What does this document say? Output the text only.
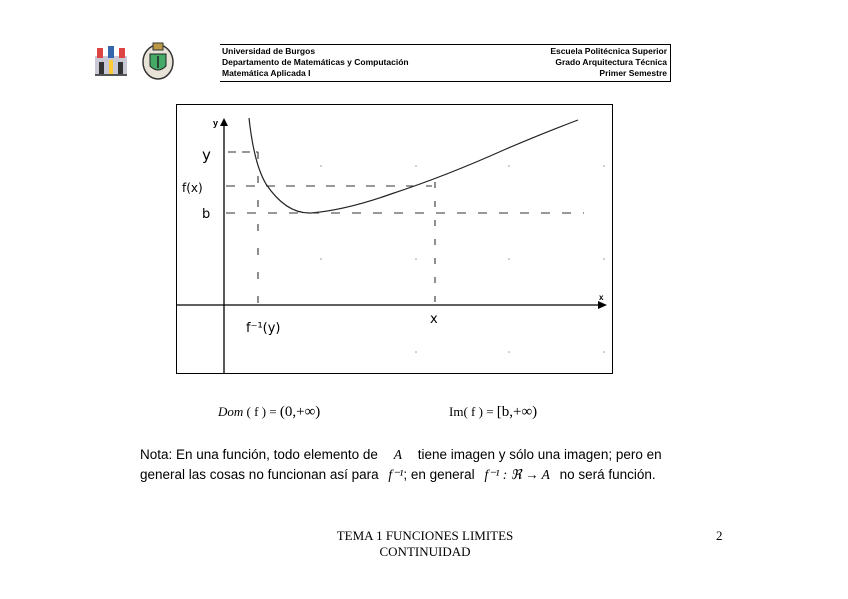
Universidad de Burgos
Departamento de Matemáticas y Computación
Matemática Aplicada I
Escuela Politécnica Superior
Grado Arquitectura Técnica
Primer Semestre
y
x
y
f(x)
b
f⁻¹(y)
x
Dom ( f ) = (0,+∞)	Im( f ) = [b,+∞)
Nota: En una función, todo elemento de A tiene imagen y sólo una imagen; pero en
general las cosas no funcionan así para f⁻¹; en general f⁻¹ : ℜ → A no será función.
TEMA 1 FUNCIONES LIMITES
CONTINUIDAD
2
